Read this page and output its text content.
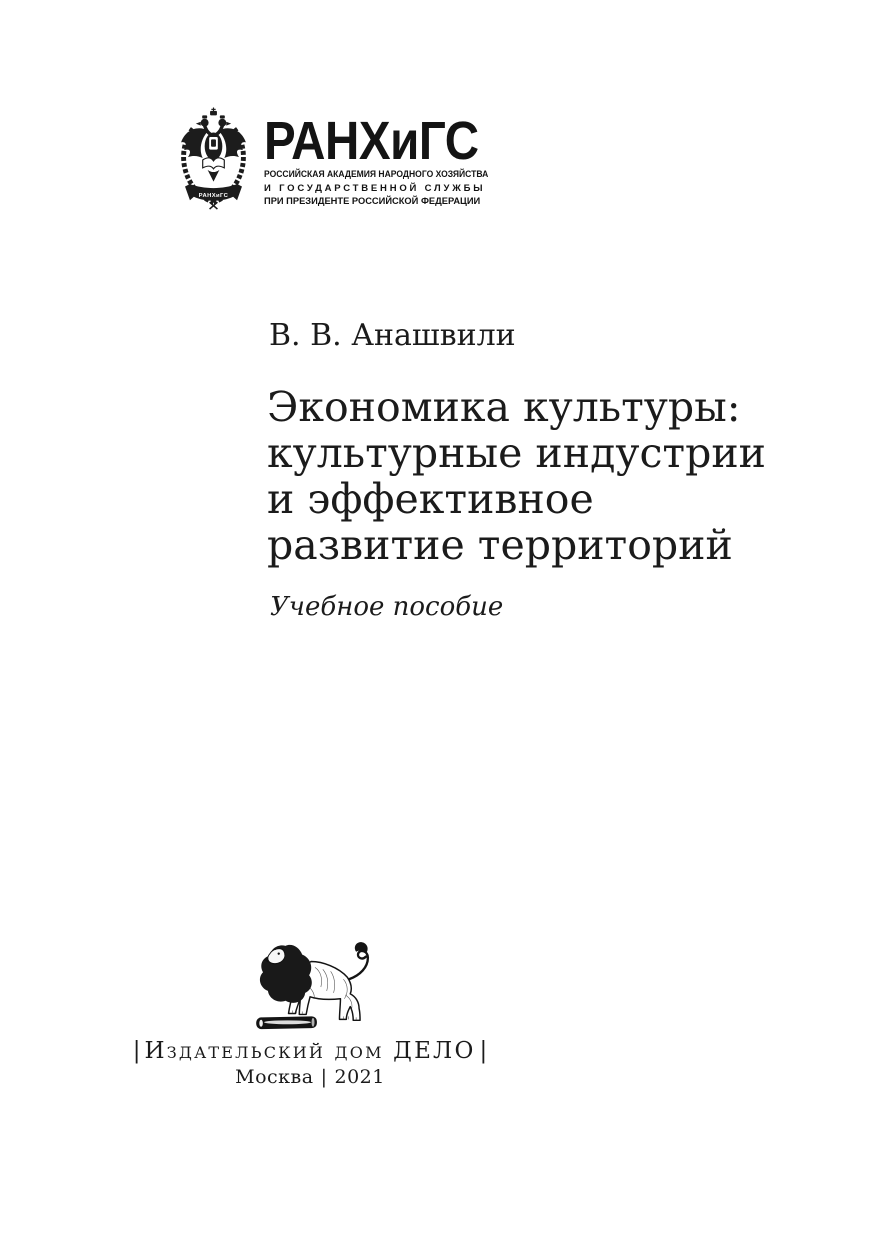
РАНХиГС
РАНХиГС
РОССИЙСКАЯ АКАДЕМИЯ НАРОДНОГО ХОЗЯЙСТВА
И ГОСУДАРСТВЕННОЙ СЛУЖБЫ
ПРИ ПРЕЗИДЕНТЕ РОССИЙСКОЙ ФЕДЕРАЦИИ
В. В. Анашвили
Экономика культуры:
культурные индустрии
и эффективное
развитие территорий
Учебное пособие
| Издательский дом ДЕЛО |
Москва | 2021
